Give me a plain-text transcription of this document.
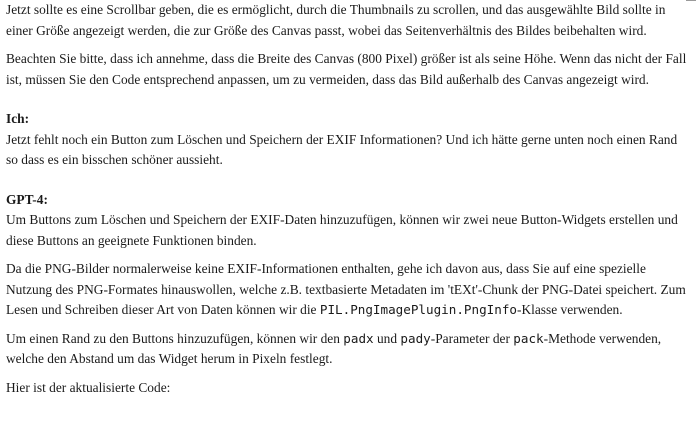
Jetzt sollte es eine Scrollbar geben, die es ermöglicht, durch die Thumbnails zu scrollen, und das ausgewählte Bild sollte in einer Größe angezeigt werden, die zur Größe des Canvas passt, wobei das Seitenverhältnis des Bildes beibehalten wird.

Beachten Sie bitte, dass ich annehme, dass die Breite des Canvas (800 Pixel) größer ist als seine Höhe. Wenn das nicht der Fall ist, müssen Sie den Code entsprechend anpassen, um zu vermeiden, dass das Bild außerhalb des Canvas angezeigt wird.

Ich:

Jetzt fehlt noch ein Button zum Löschen und Speichern der EXIF Informationen? Und ich hätte gerne unten noch einen Rand so dass es ein bisschen schöner aussieht.

GPT-4:

Um Buttons zum Löschen und Speichern der EXIF-Daten hinzuzufügen, können wir zwei neue Button-Widgets erstellen und diese Buttons an geeignete Funktionen binden.

Da die PNG-Bilder normalerweise keine EXIF-Informationen enthalten, gehe ich davon aus, dass Sie auf eine spezielle Nutzung des PNG-Formates hinauswollen, welche z.B. textbasierte Metadaten im 'tEXt'-Chunk der PNG-Datei speichert. Zum Lesen und Schreiben dieser Art von Daten können wir die PIL.PngImagePlugin.PngInfo-Klasse verwenden.

Um einen Rand zu den Buttons hinzuzufügen, können wir den padx und pady-Parameter der pack-Methode verwenden, welche den Abstand um das Widget herum in Pixeln festlegt.

Hier ist der aktualisierte Code:
